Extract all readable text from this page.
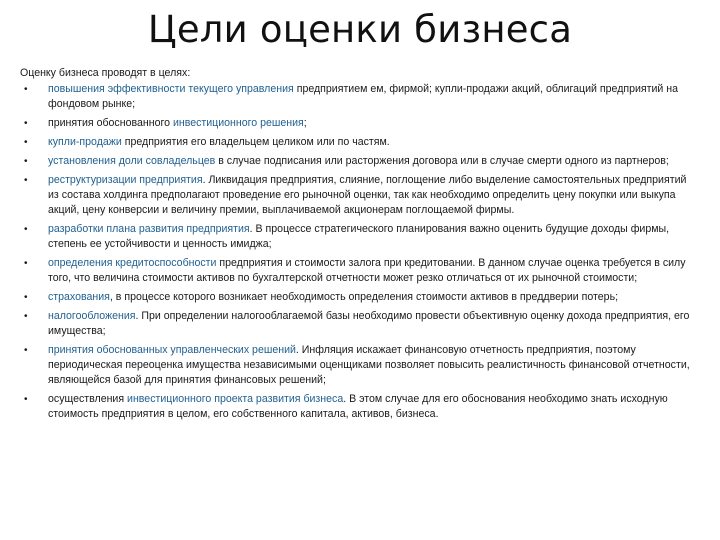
Цели оценки бизнеса

Оценку бизнеса проводят в целях:

• повышения эффективности текущего управления предприятием ем, фирмой; купли-продажи акций, облигаций предприятий на фондовом рынке;
• принятия обоснованного инвестиционного решения;
• купли-продажи предприятия его владельцем целиком или по частям.
• установления доли совладельцев в случае подписания или расторжения договора или в случае смерти одного из партнеров;
• реструктуризации предприятия. Ликвидация предприятия, слияние, поглощение либо выделение самостоятельных предприятий из состава холдинга предполагают проведение его рыночной оценки, так как необходимо определить цену покупки или выкупа акций, цену конверсии и величину премии, выплачиваемой акционерам поглощаемой фирмы.
• разработки плана развития предприятия. В процессе стратегического планирования важно оценить будущие доходы фирмы, степень ее устойчивости и ценность имиджа;
• определения кредитоспособности предприятия и стоимости залога при кредитовании. В данном случае оценка требуется в силу того, что величина стоимости активов по бухгалтерской отчетности может резко отличаться от их рыночной стоимости;
• страхования, в процессе которого возникает необходимость определения стоимости активов в преддверии потерь;
• налогообложения. При определении налогооблагаемой базы необходимо провести объективную оценку дохода предприятия, его имущества;
• принятия обоснованных управленческих решений. Инфляция искажает финансовую отчетность предприятия, поэтому периодическая переоценка имущества независимыми оценщиками позволяет повысить реалистичность финансовой отчетности, являющейся базой для принятия финансовых решений;
• осуществления инвестиционного проекта развития бизнеса. В этом случае для его обоснования необходимо знать исходную стоимость предприятия в целом, его собственного капитала, активов, бизнеса.
